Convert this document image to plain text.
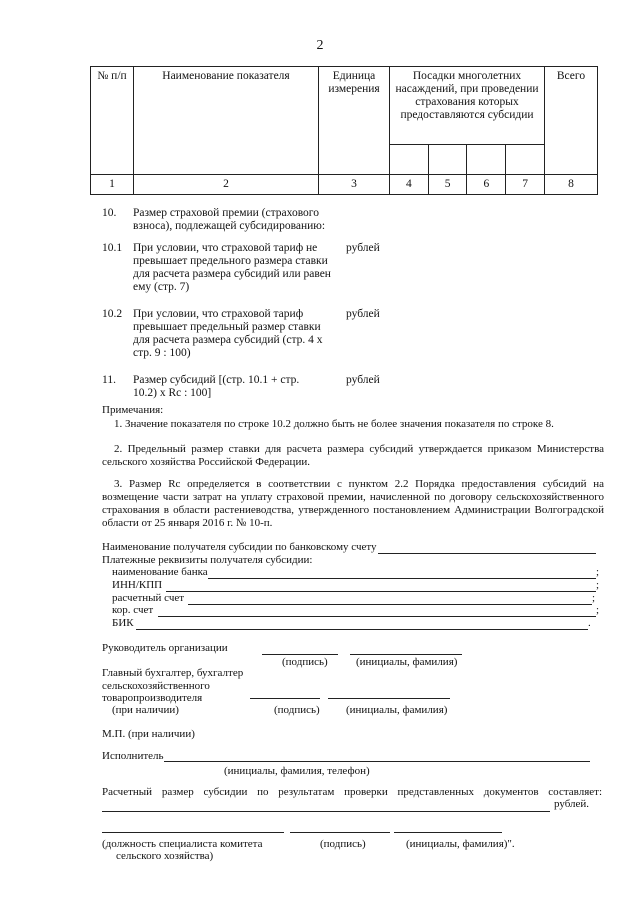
2
№ п/п	Наименование показателя	Единица измерения	Посадки многолетних насаждений, при проведении страхования которых предоставляются субсидии				Всего

1	2	3	4	5	6	7	8
10. Размер страховой премии (страхового взноса), подлежащей субсидированию:
10.1 При условии, что страховой тариф не превышает предельного размера ставки для расчета размера субсидий или равен ему (стр. 7)
рублей
10.2 При условии, что страховой тариф превышает предельный размер ставки для расчета размера субсидий (стр. 4 х стр. 9 : 100)
рублей
11. Размер субсидий [(стр. 10.1 + стр. 10.2) х Rc : 100]
рублей
Примечания:
1. Значение показателя по строке 10.2 должно быть не более значения показателя по строке 8.
2. Предельный размер ставки для расчета размера субсидий утверждается приказом Министерства сельского хозяйства Российской Федерации.
3. Размер Rc определяется в соответствии с пунктом 2.2 Порядка предоставления субсидий на возмещение части затрат на уплату страховой премии, начисленной по договору сельскохозяйственного страхования в области растениеводства, утвержденного постановлением Администрации Волгоградской области от 25 января 2016 г. № 10-п.
Наименование получателя субсидии по банковскому счету
Платежные реквизиты получателя субсидии:
наименование банка	;
ИНН/КПП	;
расчетный счет	;
кор. счет	;
БИК	.
Руководитель организации
(подпись)	(инициалы, фамилия)
Главный бухгалтер, бухгалтер
сельскохозяйственного
товаропроизводителя
(при наличии)	(подпись) (инициалы, фамилия)
М.П. (при наличии)
Исполнитель
(инициалы, фамилия, телефон)
Расчетный размер субсидии по результатам проверки представленных документов составляет:
рублей.
(должность специалиста комитета
сельского хозяйства)
(подпись)	(инициалы, фамилия)".
